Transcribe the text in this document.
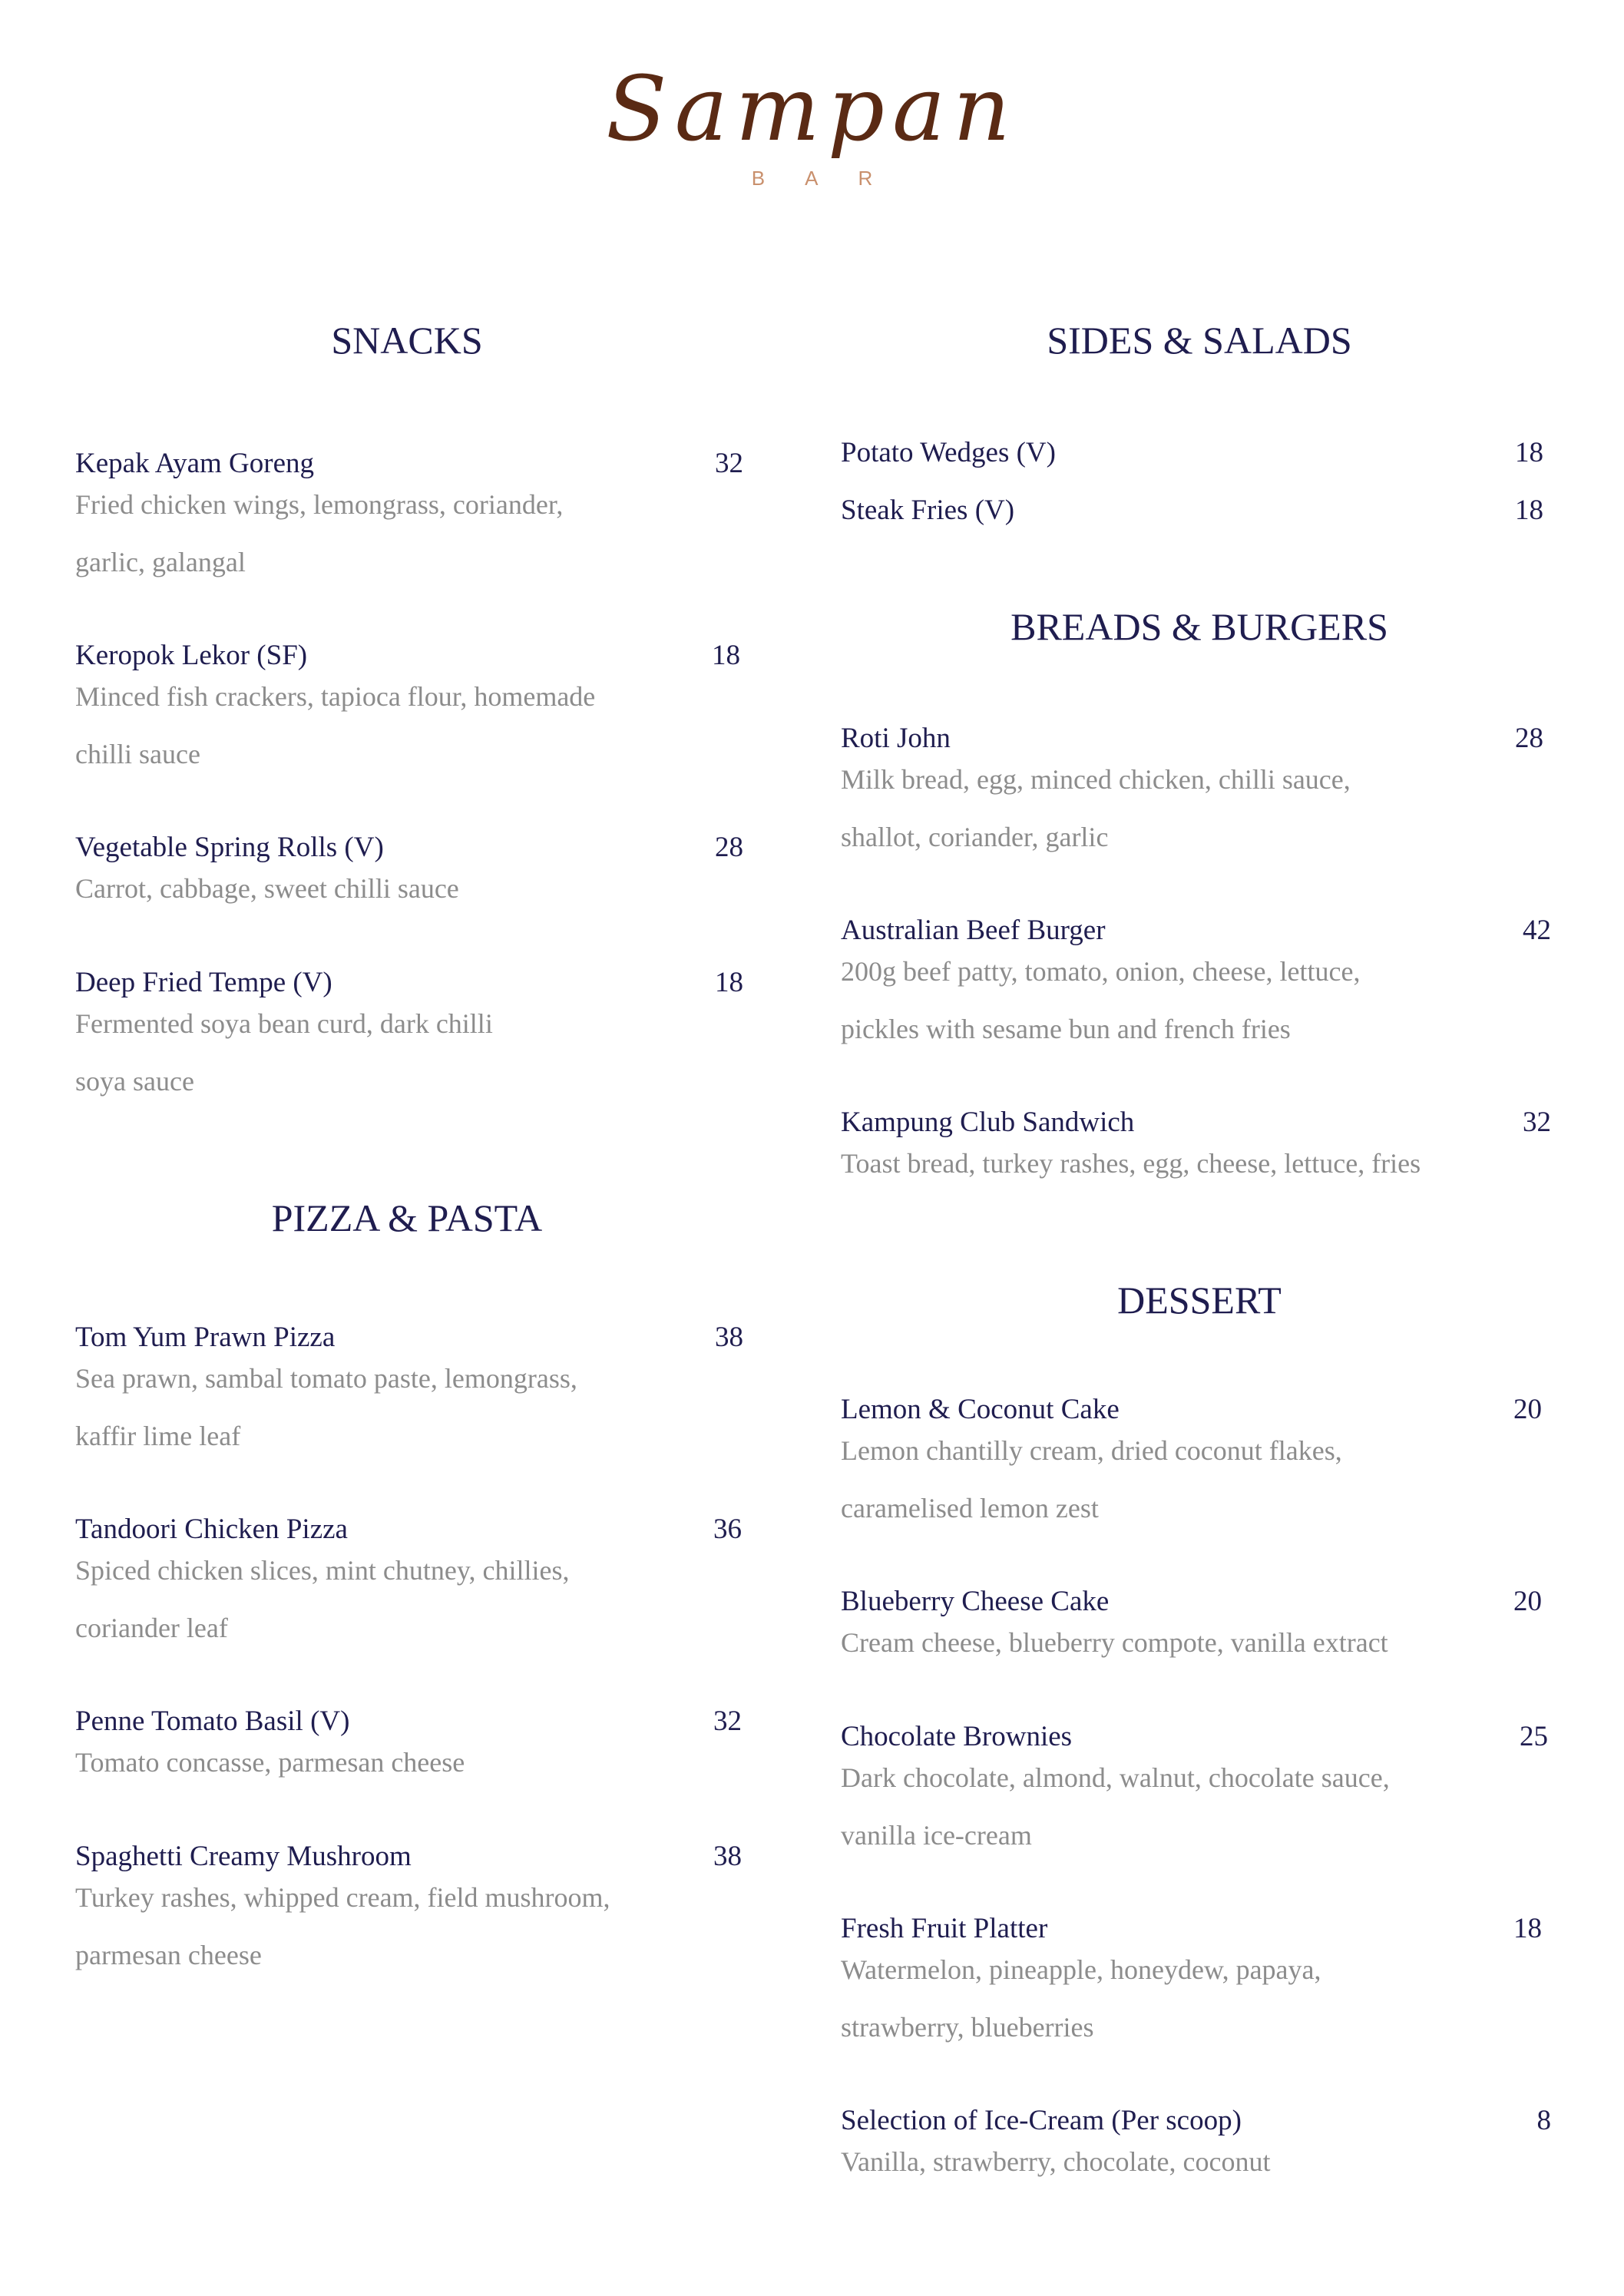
Sampan
BAR
SNACKS
Kepak Ayam Goreng	32
Fried chicken wings, lemongrass, coriander,
garlic, galangal
Keropok Lekor (SF)	18
Minced fish crackers, tapioca flour, homemade
chilli sauce
Vegetable Spring Rolls (V)	28
Carrot, cabbage, sweet chilli sauce
Deep Fried Tempe (V)	18
Fermented soya bean curd, dark chilli
soya sauce
PIZZA & PASTA
Tom Yum Prawn Pizza	38
Sea prawn, sambal tomato paste, lemongrass,
kaffir lime leaf
Tandoori Chicken Pizza	36
Spiced chicken slices, mint chutney, chillies,
coriander leaf
Penne Tomato Basil (V)	32
Tomato concasse, parmesan cheese
Spaghetti Creamy Mushroom	38
Turkey rashes, whipped cream, field mushroom,
parmesan cheese
SIDES & SALADS
Potato Wedges (V)	18
Steak Fries (V)	18
BREADS & BURGERS
Roti John	28
Milk bread, egg, minced chicken, chilli sauce,
shallot, coriander, garlic
Australian Beef Burger	42
200g beef patty, tomato, onion, cheese, lettuce,
pickles with sesame bun and french fries
Kampung Club Sandwich	32
Toast bread, turkey rashes, egg, cheese, lettuce, fries
DESSERT
Lemon & Coconut Cake	20
Lemon chantilly cream, dried coconut flakes,
caramelised lemon zest
Blueberry Cheese Cake	20
Cream cheese, blueberry compote, vanilla extract
Chocolate Brownies	25
Dark chocolate, almond, walnut, chocolate sauce,
vanilla ice-cream
Fresh Fruit Platter	18
Watermelon, pineapple, honeydew, papaya,
strawberry, blueberries
Selection of Ice-Cream (Per scoop)	8
Vanilla, strawberry, chocolate, coconut
